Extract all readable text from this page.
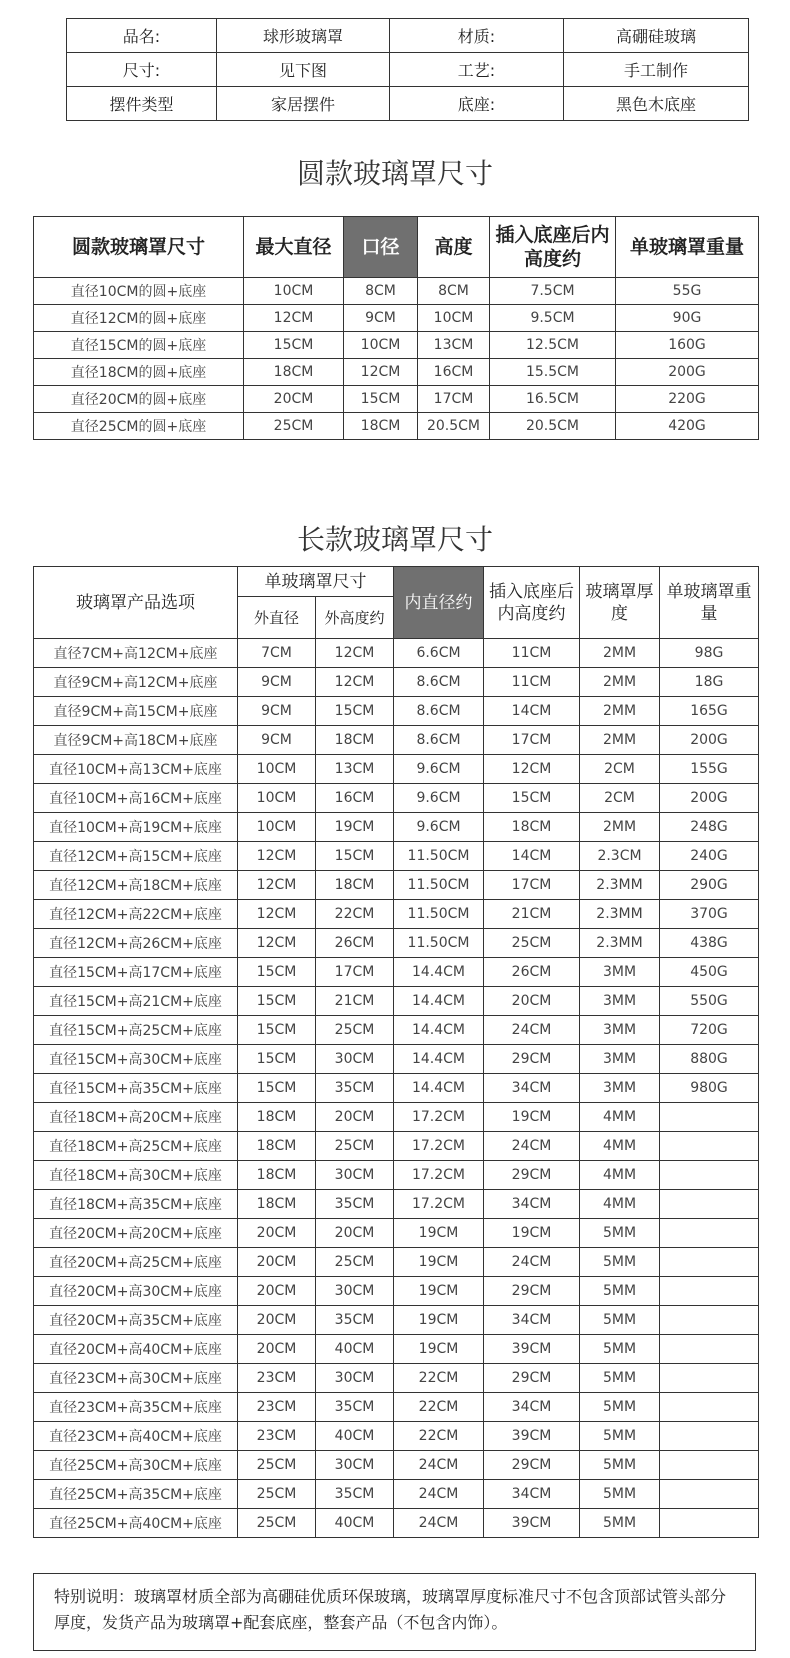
品名:	球形玻璃罩	材质:	高硼硅玻璃
尺寸:	见下图	工艺:	手工制作
摆件类型	家居摆件	底座:	黑色木底座
圆款玻璃罩尺寸
圆款玻璃罩尺寸	最大直径	口径	高度	插入底座后内高度约	单玻璃罩重量
直径10CM的圆+底座	10CM	8CM	8CM	7.5CM	55G
直径12CM的圆+底座	12CM	9CM	10CM	9.5CM	90G
直径15CM的圆+底座	15CM	10CM	13CM	12.5CM	160G
直径18CM的圆+底座	18CM	12CM	16CM	15.5CM	200G
直径20CM的圆+底座	20CM	15CM	17CM	16.5CM	220G
直径25CM的圆+底座	25CM	18CM	20.5CM	20.5CM	420G
长款玻璃罩尺寸
玻璃罩产品选项	单玻璃罩尺寸		内直径约	插入底座后内高度约	玻璃罩厚度	单玻璃罩重量
	外直径	外高度约				
直径7CM+高12CM+底座	7CM	12CM	6.6CM	11CM	2MM	98G
直径9CM+高12CM+底座	9CM	12CM	8.6CM	11CM	2MM	18G
直径9CM+高15CM+底座	9CM	15CM	8.6CM	14CM	2MM	165G
直径9CM+高18CM+底座	9CM	18CM	8.6CM	17CM	2MM	200G
直径10CM+高13CM+底座	10CM	13CM	9.6CM	12CM	2CM	155G
直径10CM+高16CM+底座	10CM	16CM	9.6CM	15CM	2CM	200G
直径10CM+高19CM+底座	10CM	19CM	9.6CM	18CM	2MM	248G
直径12CM+高15CM+底座	12CM	15CM	11.50CM	14CM	2.3CM	240G
直径12CM+高18CM+底座	12CM	18CM	11.50CM	17CM	2.3MM	290G
直径12CM+高22CM+底座	12CM	22CM	11.50CM	21CM	2.3MM	370G
直径12CM+高26CM+底座	12CM	26CM	11.50CM	25CM	2.3MM	438G
直径15CM+高17CM+底座	15CM	17CM	14.4CM	26CM	3MM	450G
直径15CM+高21CM+底座	15CM	21CM	14.4CM	20CM	3MM	550G
直径15CM+高25CM+底座	15CM	25CM	14.4CM	24CM	3MM	720G
直径15CM+高30CM+底座	15CM	30CM	14.4CM	29CM	3MM	880G
直径15CM+高35CM+底座	15CM	35CM	14.4CM	34CM	3MM	980G
直径18CM+高20CM+底座	18CM	20CM	17.2CM	19CM	4MM	
直径18CM+高25CM+底座	18CM	25CM	17.2CM	24CM	4MM	
直径18CM+高30CM+底座	18CM	30CM	17.2CM	29CM	4MM	
直径18CM+高35CM+底座	18CM	35CM	17.2CM	34CM	4MM	
直径20CM+高20CM+底座	20CM	20CM	19CM	19CM	5MM	
直径20CM+高25CM+底座	20CM	25CM	19CM	24CM	5MM	
直径20CM+高30CM+底座	20CM	30CM	19CM	29CM	5MM	
直径20CM+高35CM+底座	20CM	35CM	19CM	34CM	5MM	
直径20CM+高40CM+底座	20CM	40CM	19CM	39CM	5MM	
直径23CM+高30CM+底座	23CM	30CM	22CM	29CM	5MM	
直径23CM+高35CM+底座	23CM	35CM	22CM	34CM	5MM	
直径23CM+高40CM+底座	23CM	40CM	22CM	39CM	5MM	
直径25CM+高30CM+底座	25CM	30CM	24CM	29CM	5MM	
直径25CM+高35CM+底座	25CM	35CM	24CM	34CM	5MM	
直径25CM+高40CM+底座	25CM	40CM	24CM	39CM	5MM	
特别说明：玻璃罩材质全部为高硼硅优质环保玻璃，玻璃罩厚度标准尺寸不包含顶部试管头部分厚度，发货产品为玻璃罩+配套底座，整套产品（不包含内饰）。
